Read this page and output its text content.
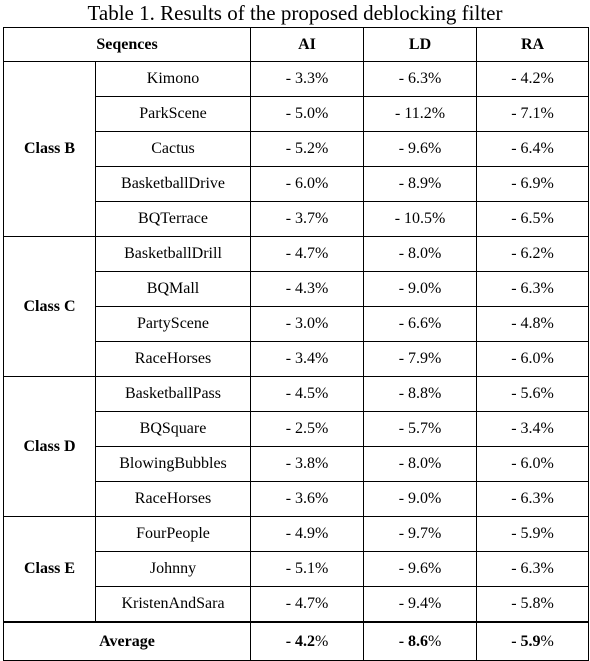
Table 1. Results of the proposed deblocking filter
Seqences		AI	LD	RA
Class B	Kimono	- 3.3%	- 6.3%	- 4.2%
	ParkScene	- 5.0%	- 11.2%	- 7.1%
	Cactus	- 5.2%	- 9.6%	- 6.4%
	BasketballDrive	- 6.0%	- 8.9%	- 6.9%
	BQTerrace	- 3.7%	- 10.5%	- 6.5%
Class C	BasketballDrill	- 4.7%	- 8.0%	- 6.2%
	BQMall	- 4.3%	- 9.0%	- 6.3%
	PartyScene	- 3.0%	- 6.6%	- 4.8%
	RaceHorses	- 3.4%	- 7.9%	- 6.0%
Class D	BasketballPass	- 4.5%	- 8.8%	- 5.6%
	BQSquare	- 2.5%	- 5.7%	- 3.4%
	BlowingBubbles	- 3.8%	- 8.0%	- 6.0%
	RaceHorses	- 3.6%	- 9.0%	- 6.3%
Class E	FourPeople	- 4.9%	- 9.7%	- 5.9%
	Johnny	- 5.1%	- 9.6%	- 6.3%
	KristenAndSara	- 4.7%	- 9.4%	- 5.8%
Average		- 4.2%	- 8.6%	- 5.9%
